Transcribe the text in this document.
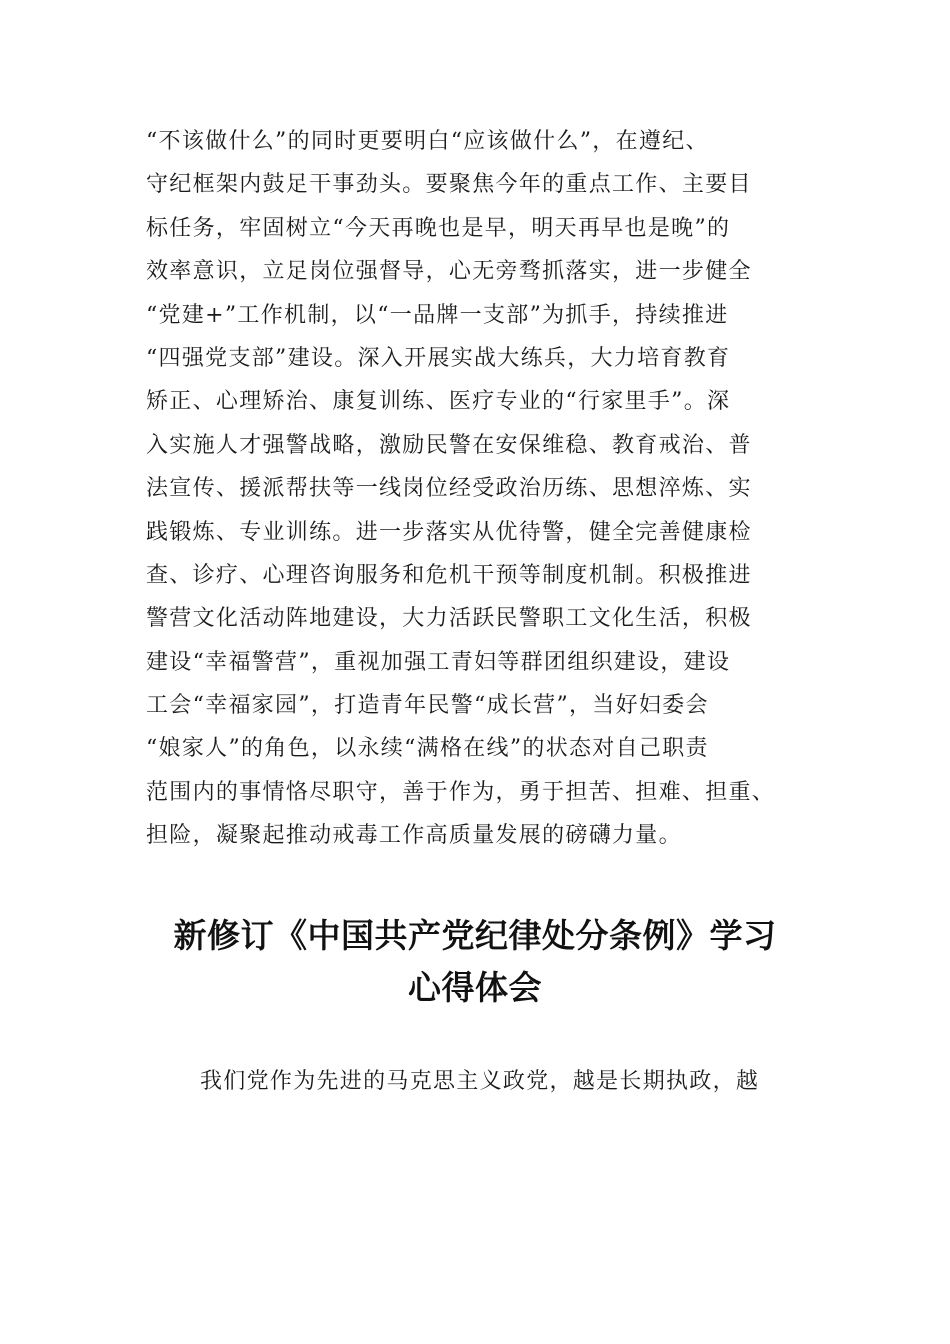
“不该做什么”的同时更要明白“应该做什么”，在遵纪、
守纪框架内鼓足干事劲头。要聚焦今年的重点工作、主要目
标任务，牢固树立“今天再晚也是早，明天再早也是晚”的
效率意识，立足岗位强督导，心无旁骛抓落实，进一步健全
“党建+”工作机制，以“一品牌一支部”为抓手，持续推进
“四强党支部”建设。深入开展实战大练兵，大力培育教育
矫正、心理矫治、康复训练、医疗专业的“行家里手”。深
入实施人才强警战略，激励民警在安保维稳、教育戒治、普
法宣传、援派帮扶等一线岗位经受政治历练、思想淬炼、实
践锻炼、专业训练。进一步落实从优待警，健全完善健康检
查、诊疗、心理咨询服务和危机干预等制度机制。积极推进
警营文化活动阵地建设，大力活跃民警职工文化生活，积极
建设“幸福警营”，重视加强工青妇等群团组织建设，建设
工会“幸福家园”，打造青年民警“成长营”，当好妇委会
“娘家人”的角色，以永续“满格在线”的状态对自己职责
范围内的事情恪尽职守，善于作为，勇于担苦、担难、担重、
担险，凝聚起推动戒毒工作高质量发展的磅礴力量。
新修订《中国共产党纪律处分条例》学习
心得体会
我们党作为先进的马克思主义政党，越是长期执政，越
